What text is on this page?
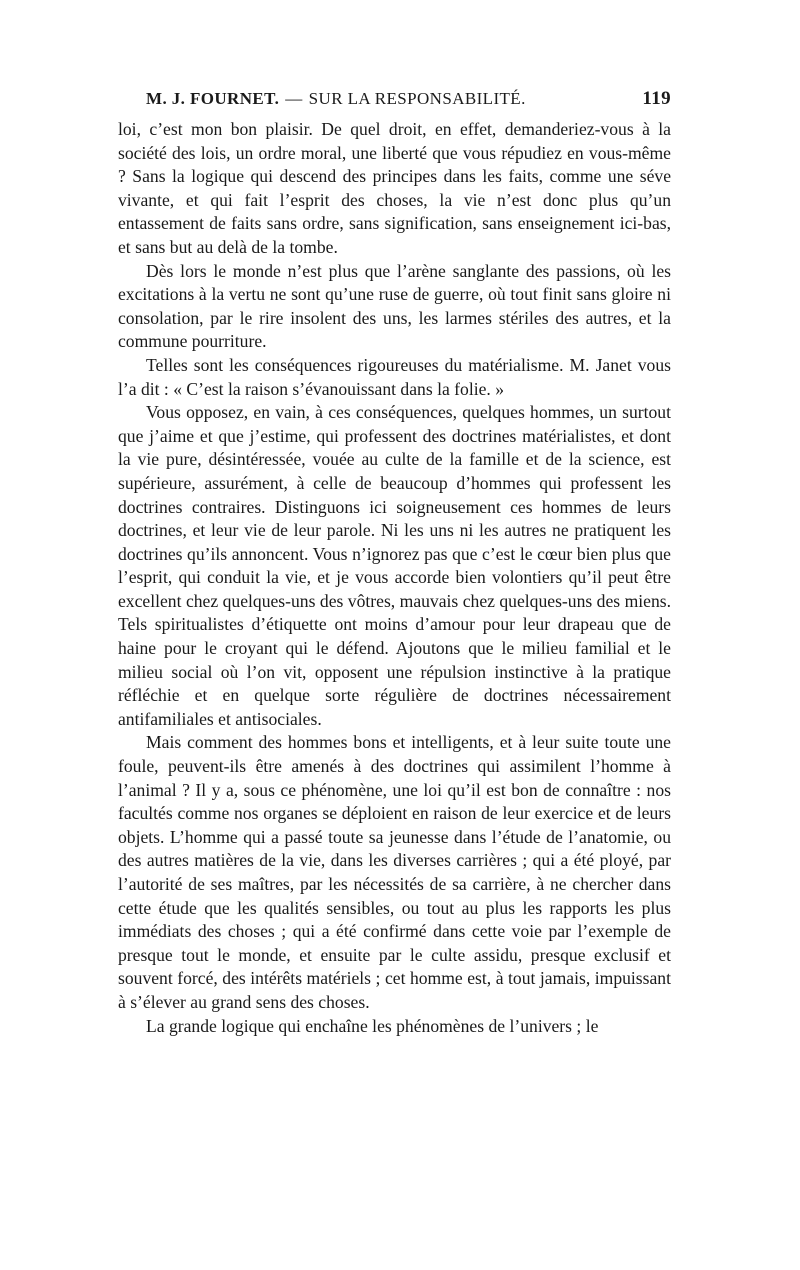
M. J. FOURNET. — SUR LA RESPONSABILITÉ.	119

loi, c’est mon bon plaisir. De quel droit, en effet, demanderiez-vous à la société des lois, un ordre moral, une liberté que vous répudiez en vous-même ? Sans la logique qui descend des principes dans les faits, comme une séve vivante, et qui fait l’esprit des choses, la vie n’est donc plus qu’un entassement de faits sans ordre, sans signification, sans enseignement ici-bas, et sans but au delà de la tombe.

Dès lors le monde n’est plus que l’arène sanglante des passions, où les excitations à la vertu ne sont qu’une ruse de guerre, où tout finit sans gloire ni consolation, par le rire insolent des uns, les larmes stériles des autres, et la commune pourriture.

Telles sont les conséquences rigoureuses du matérialisme. M. Janet vous l’a dit : « C’est la raison s’évanouissant dans la folie. »

Vous opposez, en vain, à ces conséquences, quelques hommes, un surtout que j’aime et que j’estime, qui professent des doctrines matérialistes, et dont la vie pure, désintéressée, vouée au culte de la famille et de la science, est supérieure, assurément, à celle de beaucoup d’hommes qui professent les doctrines contraires. Distinguons ici soigneusement ces hommes de leurs doctrines, et leur vie de leur parole. Ni les uns ni les autres ne pratiquent les doctrines qu’ils annoncent. Vous n’ignorez pas que c’est le cœur bien plus que l’esprit, qui conduit la vie, et je vous accorde bien volontiers qu’il peut être excellent chez quelques-uns des vôtres, mauvais chez quelques-uns des miens. Tels spiritualistes d’étiquette ont moins d’amour pour leur drapeau que de haine pour le croyant qui le défend. Ajoutons que le milieu familial et le milieu social où l’on vit, opposent une répulsion instinctive à la pratique réfléchie et en quelque sorte régulière de doctrines nécessairement antifamiliales et antisociales.

Mais comment des hommes bons et intelligents, et à leur suite toute une foule, peuvent-ils être amenés à des doctrines qui assimilent l’homme à l’animal ? Il y a, sous ce phénomène, une loi qu’il est bon de connaître : nos facultés comme nos organes se déploient en raison de leur exercice et de leurs objets. L’homme qui a passé toute sa jeunesse dans l’étude de l’anatomie, ou des autres matières de la vie, dans les diverses carrières ; qui a été ployé, par l’autorité de ses maîtres, par les nécessités de sa carrière, à ne chercher dans cette étude que les qualités sensibles, ou tout au plus les rapports les plus immédiats des choses ; qui a été confirmé dans cette voie par l’exemple de presque tout le monde, et ensuite par le culte assidu, presque exclusif et souvent forcé, des intérêts matériels ; cet homme est, à tout jamais, impuissant à s’élever au grand sens des choses.

La grande logique qui enchaîne les phénomènes de l’univers ; le
